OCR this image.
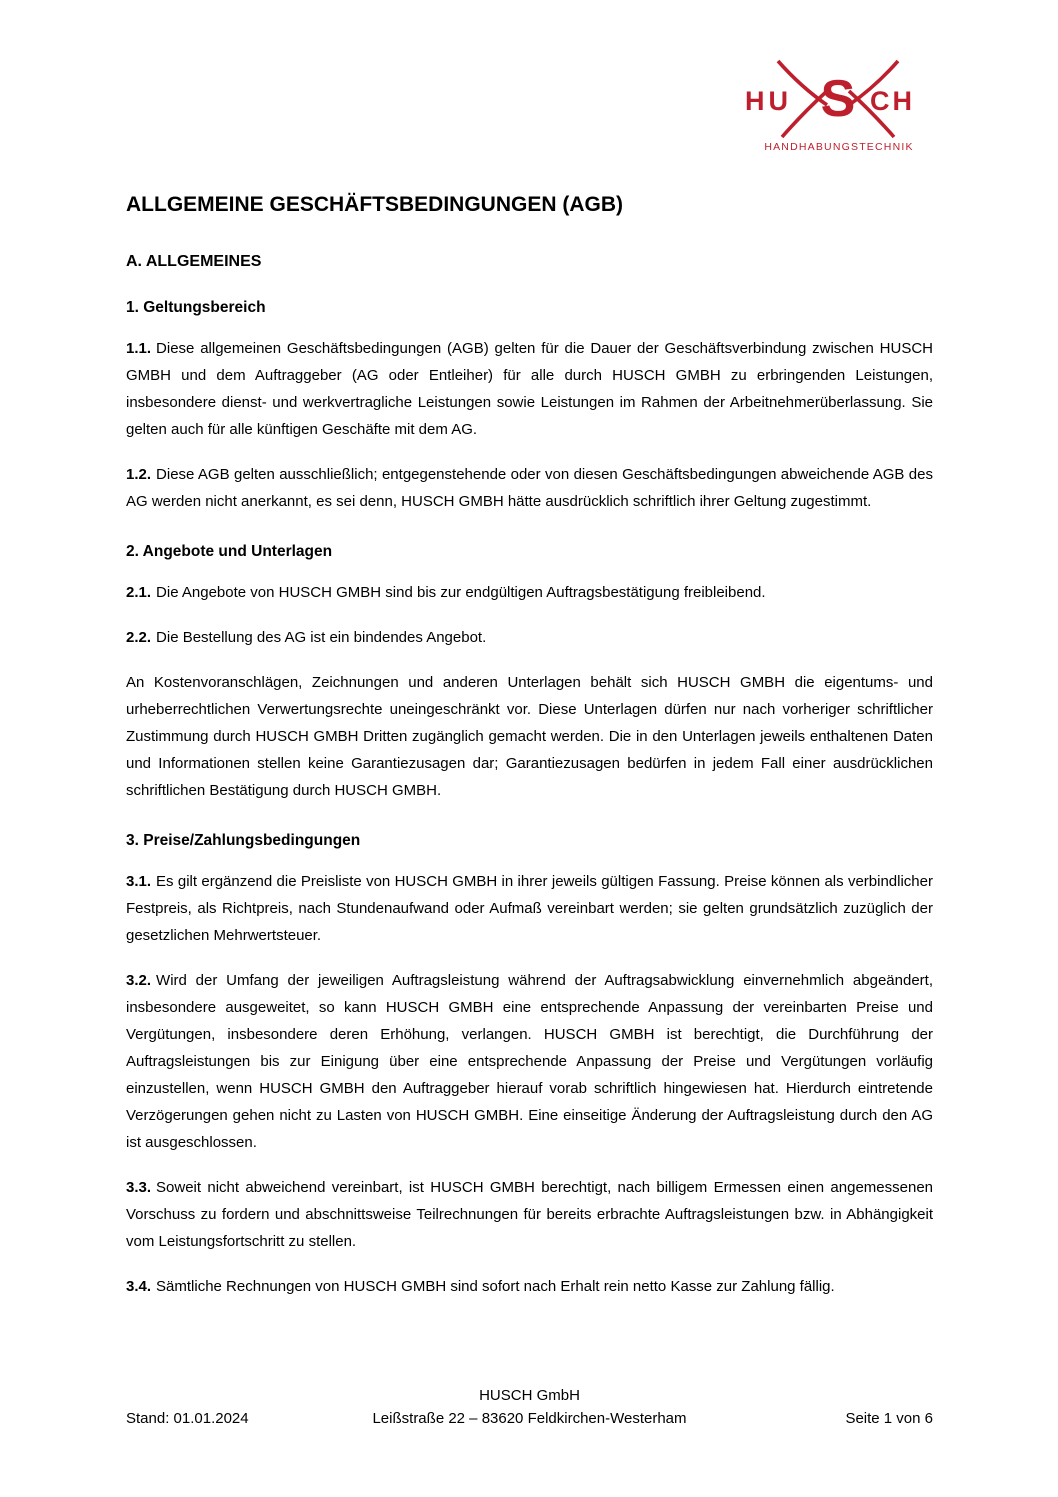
HU S CH
HANDHABUNGSTECHNIK
ALLGEMEINE GESCHÄFTSBEDINGUNGEN (AGB)
A. ALLGEMEINES
1. Geltungsbereich

1.1. Diese allgemeinen Geschäftsbedingungen (AGB) gelten für die Dauer der Geschäftsverbindung zwischen HUSCH GMBH und dem Auftraggeber (AG oder Entleiher) für alle durch HUSCH GMBH zu erbringenden Leistungen, insbesondere dienst- und werkvertragliche Leistungen sowie Leistungen im Rahmen der Arbeitnehmerüberlassung. Sie gelten auch für alle künftigen Geschäfte mit dem AG.

1.2. Diese AGB gelten ausschließlich; entgegenstehende oder von diesen Geschäftsbedingungen abweichende AGB des AG werden nicht anerkannt, es sei denn, HUSCH GMBH hätte ausdrücklich schriftlich ihrer Geltung zugestimmt.

2. Angebote und Unterlagen

2.1. Die Angebote von HUSCH GMBH sind bis zur endgültigen Auftragsbestätigung freibleibend.

2.2. Die Bestellung des AG ist ein bindendes Angebot.

An Kostenvoranschlägen, Zeichnungen und anderen Unterlagen behält sich HUSCH GMBH die eigentums- und urheberrechtlichen Verwertungsrechte uneingeschränkt vor. Diese Unterlagen dürfen nur nach vorheriger schriftlicher Zustimmung durch HUSCH GMBH Dritten zugänglich gemacht werden. Die in den Unterlagen jeweils enthaltenen Daten und Informationen stellen keine Garantiezusagen dar; Garantiezusagen bedürfen in jedem Fall einer ausdrücklichen schriftlichen Bestätigung durch HUSCH GMBH.

3. Preise/Zahlungsbedingungen

3.1. Es gilt ergänzend die Preisliste von HUSCH GMBH in ihrer jeweils gültigen Fassung. Preise können als verbindlicher Festpreis, als Richtpreis, nach Stundenaufwand oder Aufmaß vereinbart werden; sie gelten grundsätzlich zuzüglich der gesetzlichen Mehrwertsteuer.

3.2. Wird der Umfang der jeweiligen Auftragsleistung während der Auftragsabwicklung einvernehmlich abgeändert, insbesondere ausgeweitet, so kann HUSCH GMBH eine entsprechende Anpassung der vereinbarten Preise und Vergütungen, insbesondere deren Erhöhung, verlangen. HUSCH GMBH ist berechtigt, die Durchführung der Auftragsleistungen bis zur Einigung über eine entsprechende Anpassung der Preise und Vergütungen vorläufig einzustellen, wenn HUSCH GMBH den Auftraggeber hierauf vorab schriftlich hingewiesen hat. Hierdurch eintretende Verzögerungen gehen nicht zu Lasten von HUSCH GMBH. Eine einseitige Änderung der Auftragsleistung durch den AG ist ausgeschlossen.

3.3. Soweit nicht abweichend vereinbart, ist HUSCH GMBH berechtigt, nach billigem Ermessen einen angemessenen Vorschuss zu fordern und abschnittsweise Teilrechnungen für bereits erbrachte Auftragsleistungen bzw. in Abhängigkeit vom Leistungsfortschritt zu stellen.

3.4. Sämtliche Rechnungen von HUSCH GMBH sind sofort nach Erhalt rein netto Kasse zur Zahlung fällig.

HUSCH GmbH
Stand: 01.01.2024	Leißstraße 22 – 83620 Feldkirchen-Westerham	Seite 1 von 6
